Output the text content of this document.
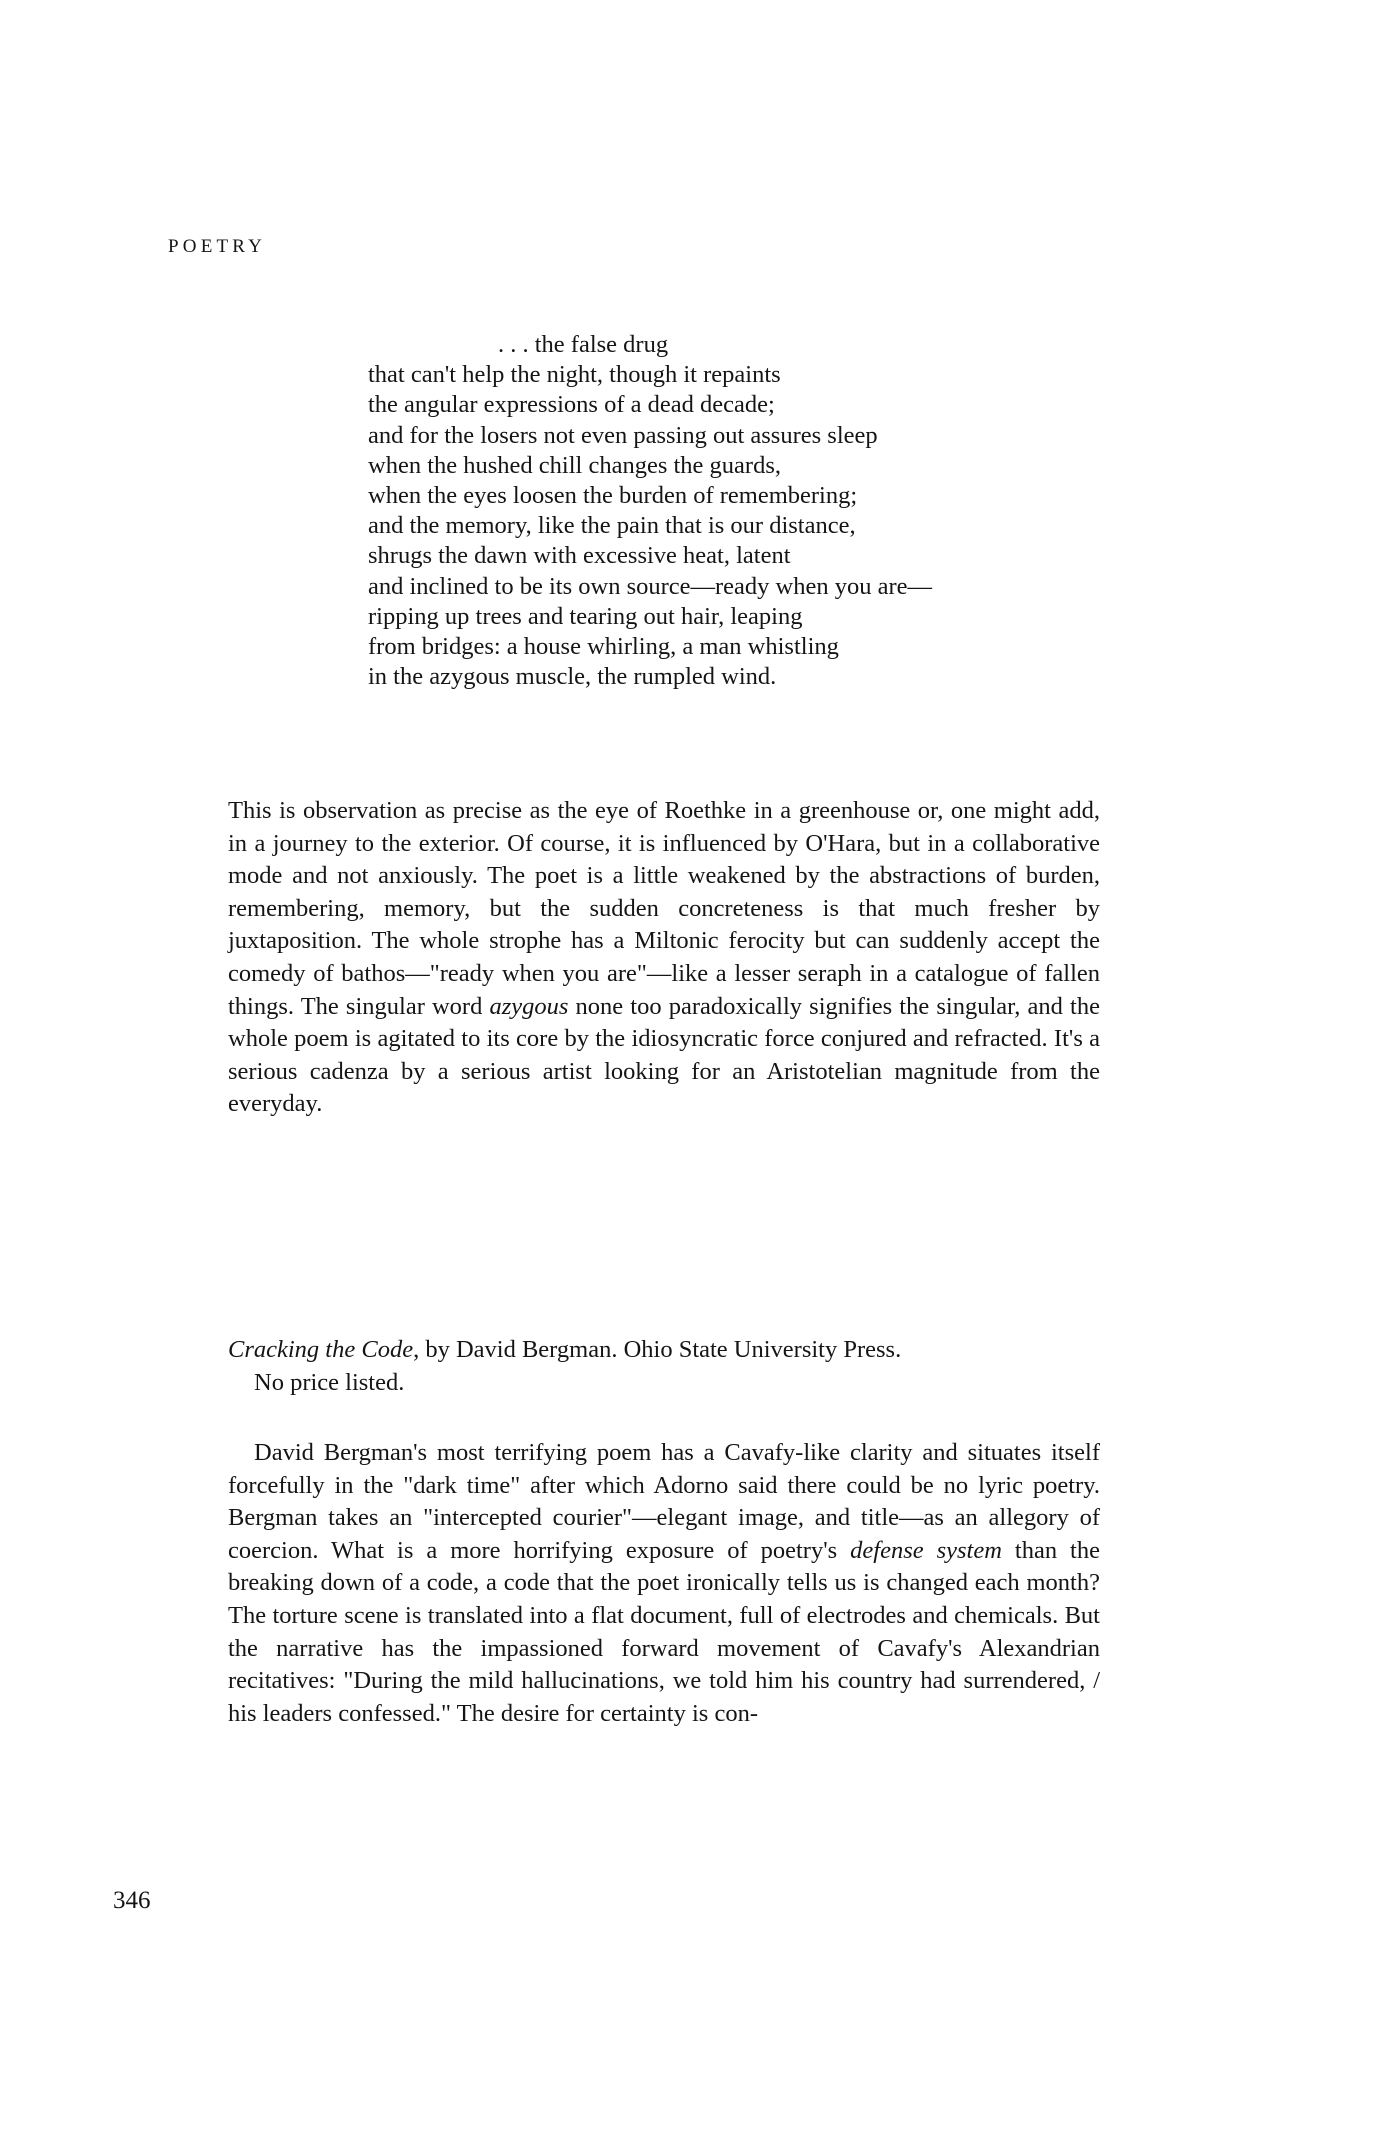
POETRY
. . . the false drug
that can't help the night, though it repaints
the angular expressions of a dead decade;
and for the losers not even passing out assures sleep
when the hushed chill changes the guards,
when the eyes loosen the burden of remembering;
and the memory, like the pain that is our distance,
shrugs the dawn with excessive heat, latent
and inclined to be its own source—ready when you are—
ripping up trees and tearing out hair, leaping
from bridges: a house whirling, a man whistling
in the azygous muscle, the rumpled wind.
This is observation as precise as the eye of Roethke in a greenhouse or, one might add, in a journey to the exterior. Of course, it is influenced by O'Hara, but in a collaborative mode and not anxiously. The poet is a little weakened by the abstractions of burden, remembering, memory, but the sudden concreteness is that much fresher by juxtaposition. The whole strophe has a Miltonic ferocity but can suddenly accept the comedy of bathos—"ready when you are"—like a lesser seraph in a catalogue of fallen things. The singular word azygous none too paradoxically signifies the singular, and the whole poem is agitated to its core by the idiosyncratic force conjured and refracted. It's a serious cadenza by a serious artist looking for an Aristotelian magnitude from the everyday.
Cracking the Code, by David Bergman. Ohio State University Press.
No price listed.
David Bergman's most terrifying poem has a Cavafy-like clarity and situates itself forcefully in the "dark time" after which Adorno said there could be no lyric poetry. Bergman takes an "intercepted courier"—elegant image, and title—as an allegory of coercion. What is a more horrifying exposure of poetry's defense system than the breaking down of a code, a code that the poet ironically tells us is changed each month? The torture scene is translated into a flat document, full of electrodes and chemicals. But the narrative has the impassioned forward movement of Cavafy's Alexandrian recitatives: "During the mild hallucinations, we told him his country had surrendered, / his leaders confessed." The desire for certainty is con-
346
